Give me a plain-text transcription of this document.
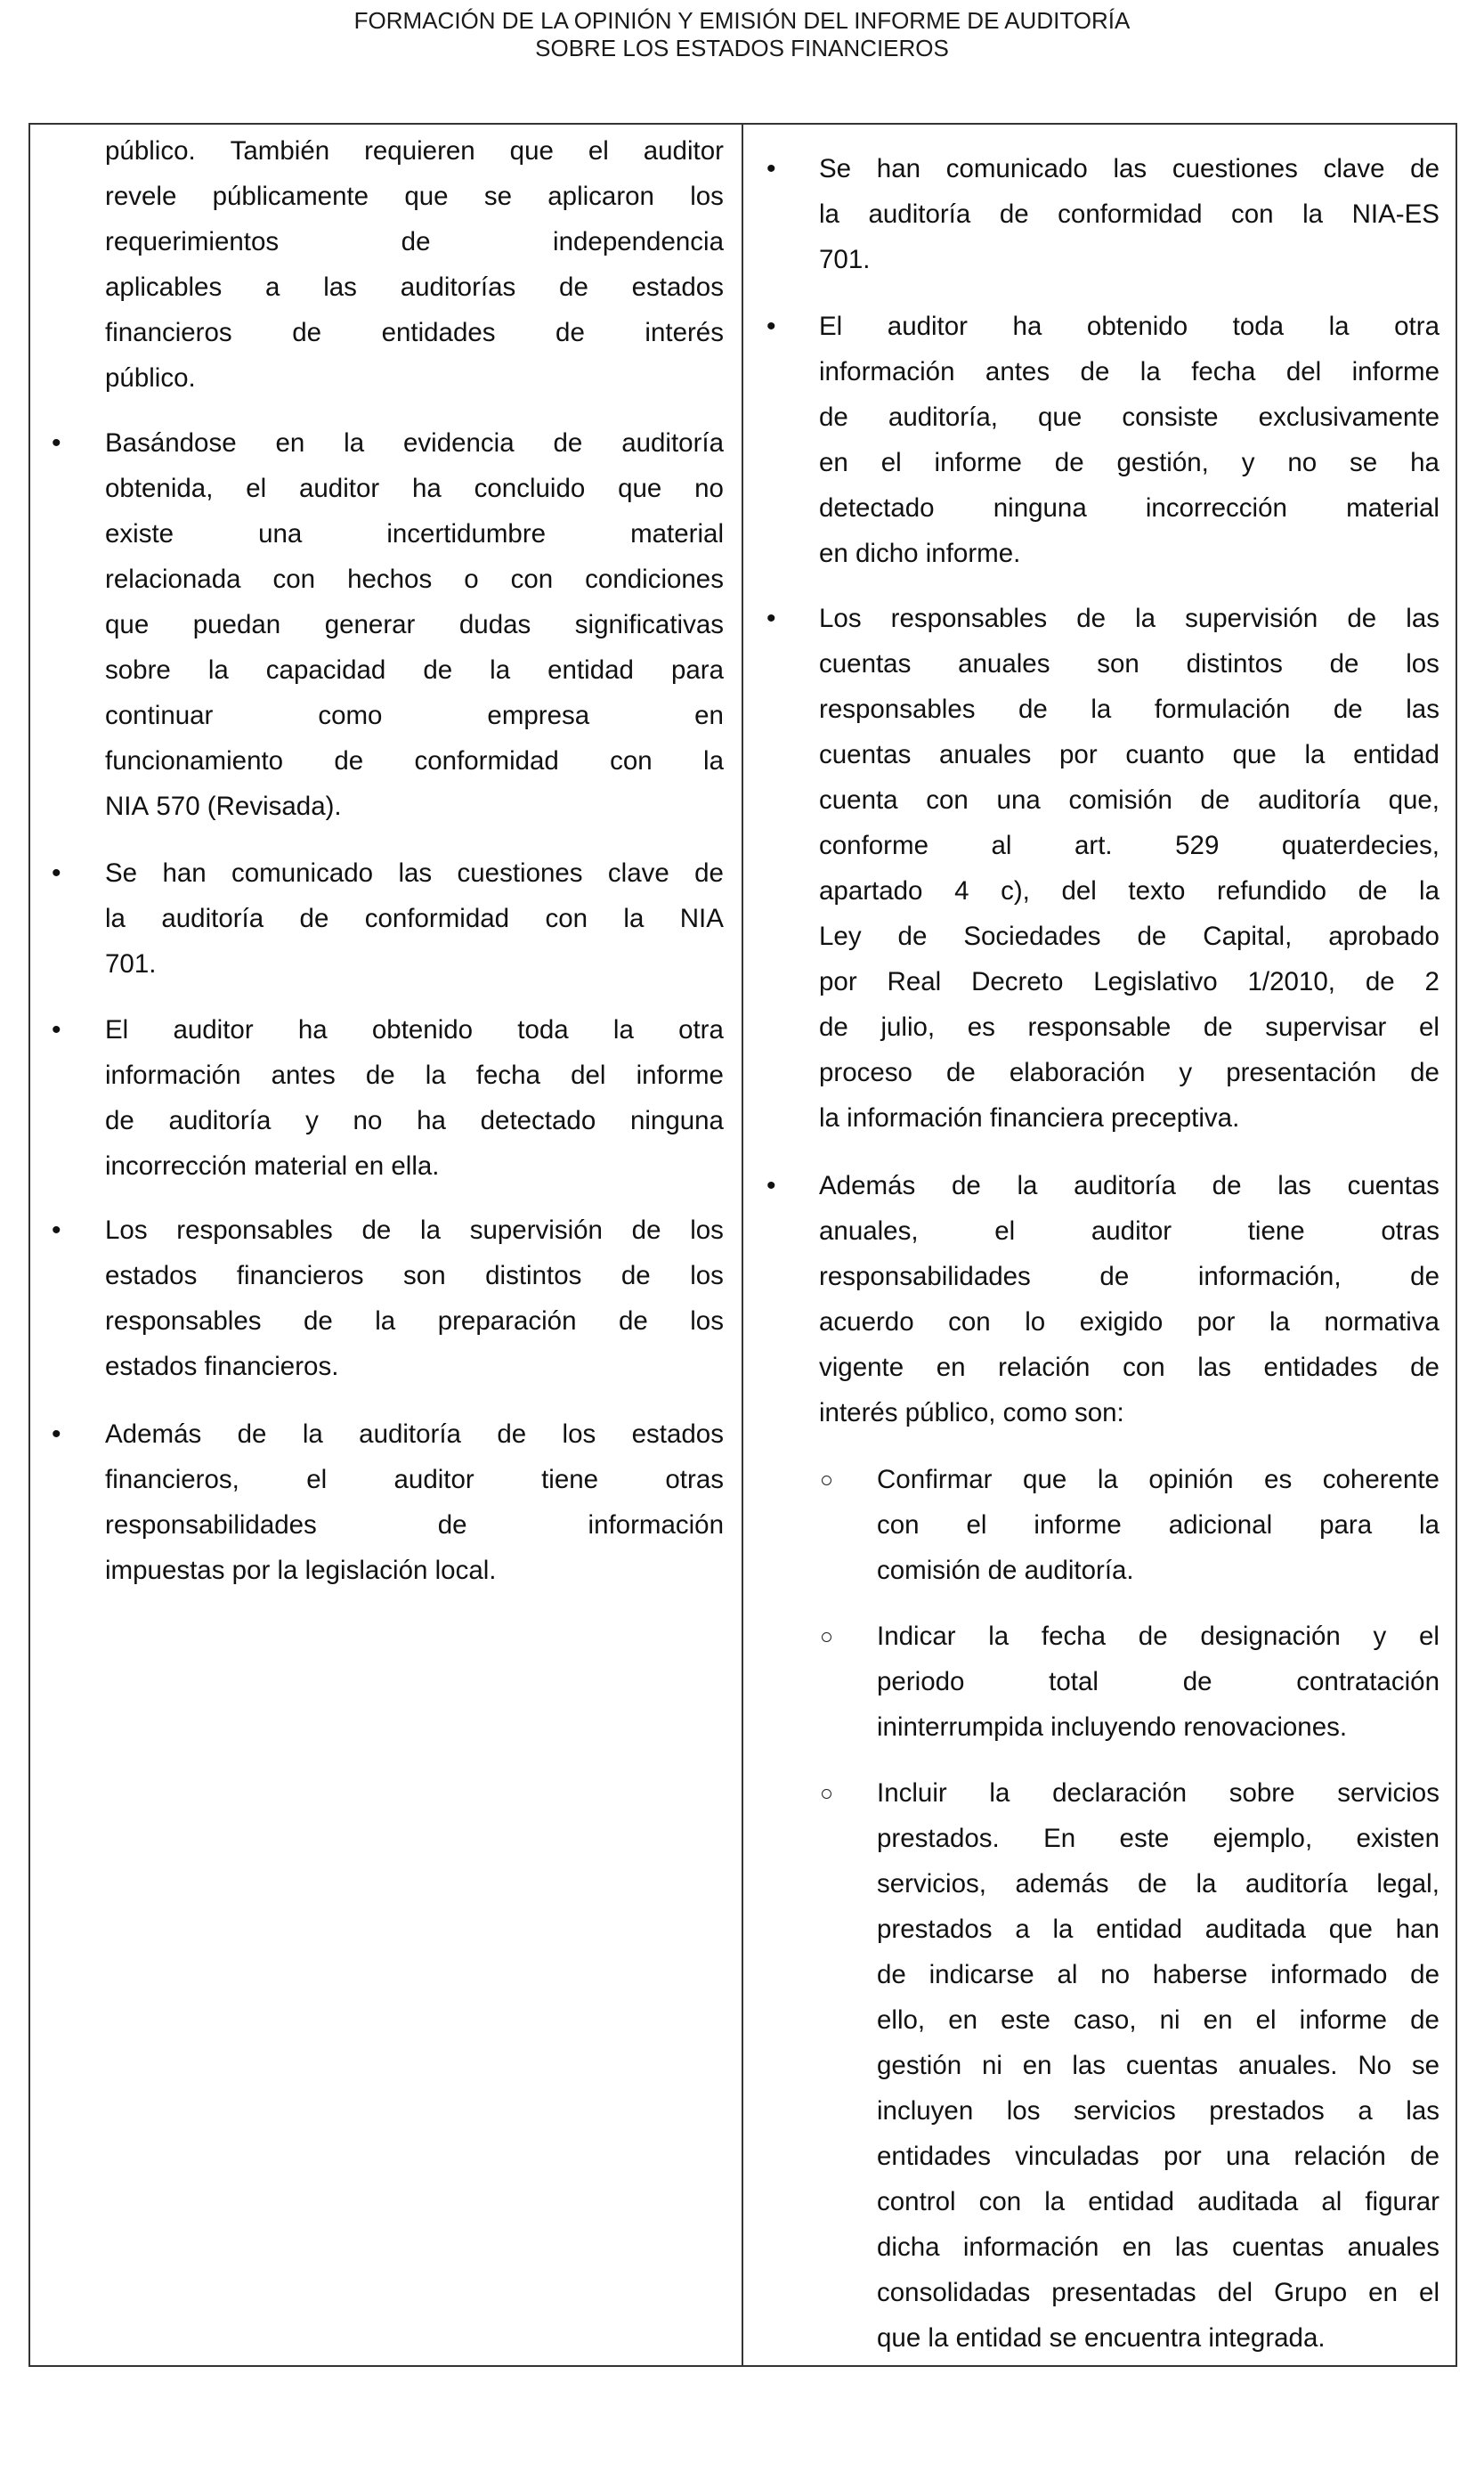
FORMACIÓN DE LA OPINIÓN Y EMISIÓN DEL INFORME DE AUDITORÍA
SOBRE LOS ESTADOS FINANCIEROS
público. También requieren que el auditor
revele públicamente que se aplicaron los
requerimientos	de	independencia
aplicables a las auditorías de estados
financieros de entidades de interés
público.
Basándose en la evidencia de auditoría
obtenida, el auditor ha concluido que no
existe	una	incertidumbre	material
relacionada con hechos o con condiciones
que puedan generar dudas significativas
sobre la capacidad de la entidad para
continuar	como	empresa	en
funcionamiento de conformidad con la
NIA 570 (Revisada).
•
Se han comunicado las cuestiones clave de
la auditoría de conformidad con la NIA
701.
•
El auditor ha obtenido toda la otra
información antes de la fecha del informe
de auditoría y no ha detectado ninguna
incorrección material en ella.
•
Los responsables de la supervisión de los
estados financieros son distintos de los
responsables de la preparación de los
estados financieros.
•
Además de la auditoría de los estados
financieros,	el	auditor	tiene	otras
responsabilidades	de	información
impuestas por la legislación local.
•
Se han comunicado las cuestiones clave de
la auditoría de conformidad con la NIA-ES
701.
•
El auditor ha obtenido toda la otra
información antes de la fecha del informe
de auditoría, que consiste exclusivamente
en el informe de gestión, y no se ha
detectado ninguna incorrección material
en dicho informe.
•
Los responsables de la supervisión de las
cuentas anuales son distintos de los
responsables de la formulación de las
cuentas anuales por cuanto que la entidad
cuenta con una comisión de auditoría que,
conforme al art. 529 quaterdecies,
apartado 4 c), del texto refundido de la
Ley de Sociedades de Capital, aprobado
por Real Decreto Legislativo 1/2010, de 2
de julio, es responsable de supervisar el
proceso de elaboración y presentación de
la información financiera preceptiva.
•
Además de la auditoría de las cuentas
anuales,	el	auditor	tiene	otras
responsabilidades	de	información,	de
acuerdo con lo exigido por la normativa
vigente en relación con las entidades de
interés público, como son:
•
Confirmar que la opinión es coherente
con el informe adicional para la
comisión de auditoría.
Indicar la fecha de designación y el
periodo	total	de	contratación
ininterrumpida incluyendo renovaciones.
Incluir la declaración sobre servicios
prestados. En este ejemplo, existen
servicios, además de la auditoría legal,
prestados a la entidad auditada que han
de indicarse al no haberse informado de
ello, en este caso, ni en el informe de
gestión ni en las cuentas anuales. No se
incluyen los servicios prestados a las
entidades vinculadas por una relación de
control con la entidad auditada al figurar
dicha información en las cuentas anuales
consolidadas presentadas del Grupo en el
que la entidad se encuentra integrada.
